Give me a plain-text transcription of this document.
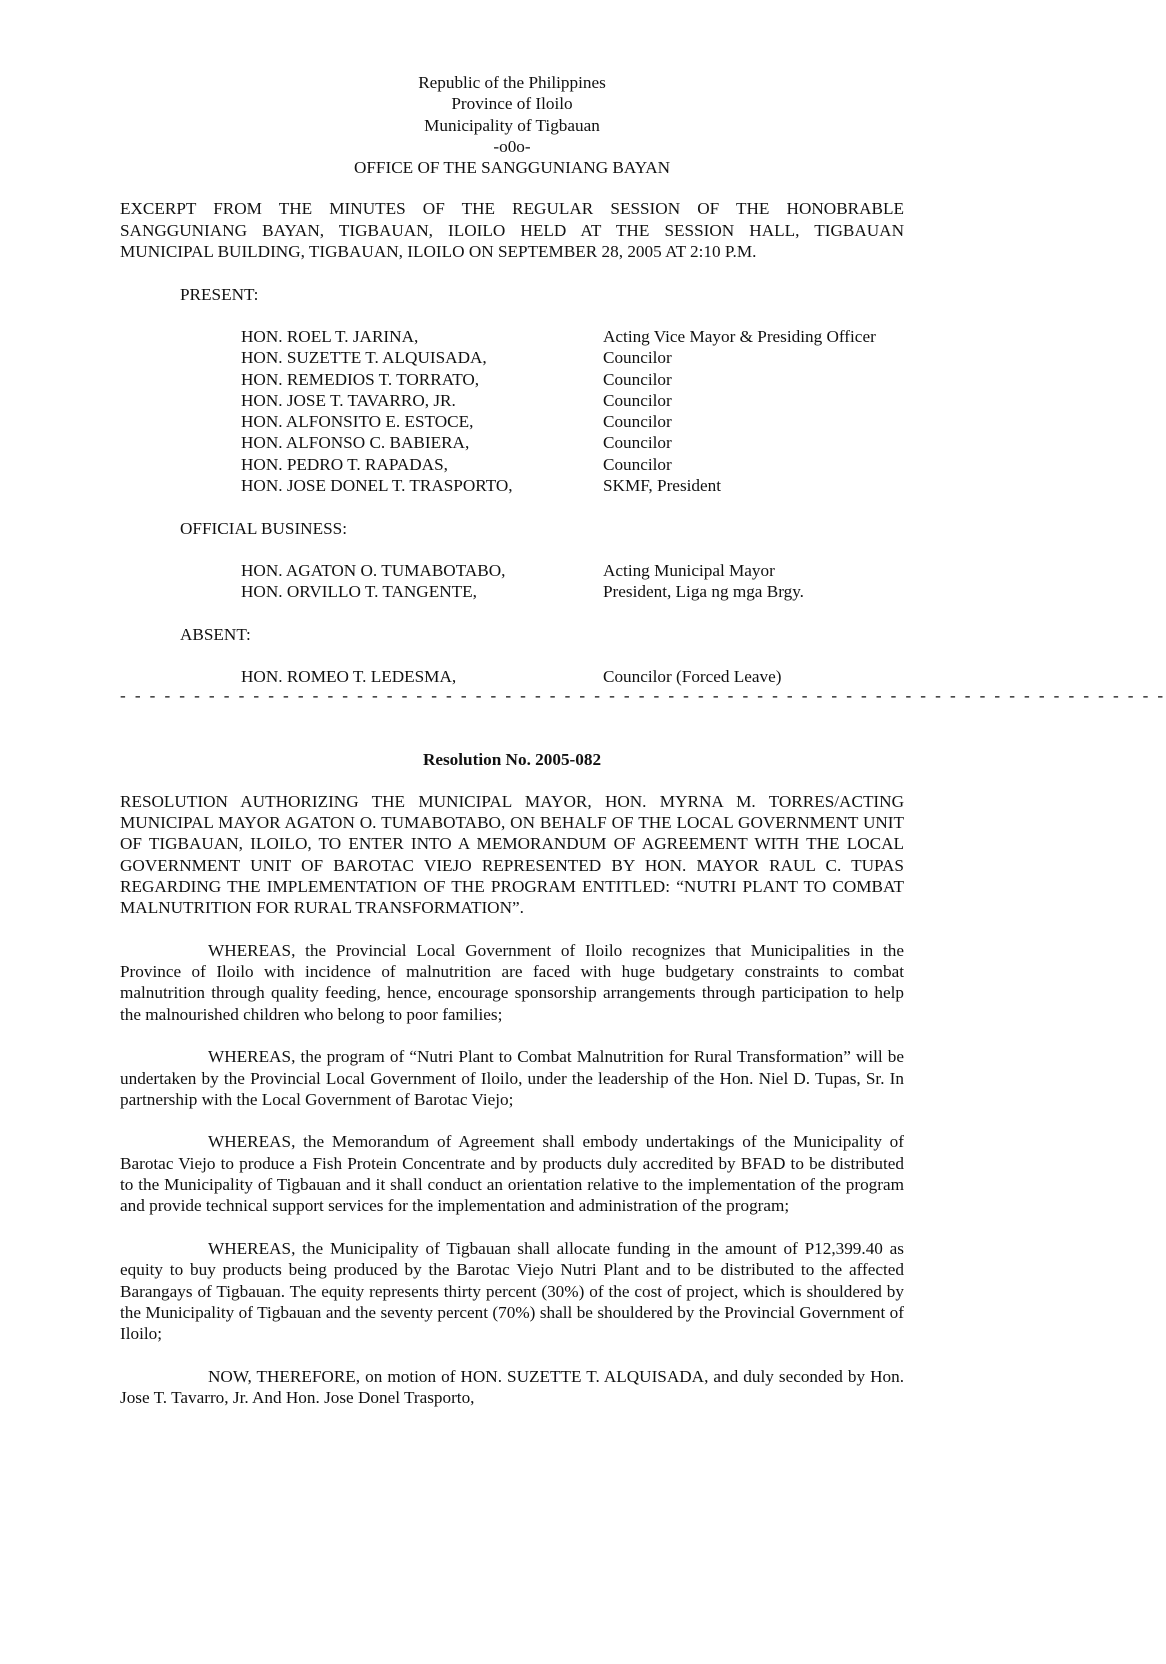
Republic of the Philippines
Province of Iloilo
Municipality of Tigbauan
-o0o-
OFFICE OF THE SANGGUNIANG BAYAN

EXCERPT FROM THE MINUTES OF THE REGULAR SESSION OF THE HONOBRABLE SANGGUNIANG BAYAN, TIGBAUAN, ILOILO HELD AT THE SESSION HALL, TIGBAUAN MUNICIPAL BUILDING, TIGBAUAN, ILOILO ON SEPTEMBER 28, 2005 AT 2:10 P.M.

PRESENT:
HON. ROEL T. JARINA,	Acting Vice Mayor & Presiding Officer
HON. SUZETTE T. ALQUISADA,	Councilor
HON. REMEDIOS T. TORRATO,	Councilor
HON. JOSE T. TAVARRO, JR.	Councilor
HON. ALFONSITO E. ESTOCE,	Councilor
HON. ALFONSO C. BABIERA,	Councilor
HON. PEDRO T. RAPADAS,	Councilor
HON. JOSE DONEL T. TRASPORTO,	SKMF, President
OFFICIAL BUSINESS:
HON. AGATON O. TUMABOTABO,	Acting Municipal Mayor
HON. ORVILLO T. TANGENTE,	President, Liga ng mga Brgy.
ABSENT:
HON. ROMEO T. LEDESMA,	Councilor (Forced Leave)
- - - - - - - - - - - - - - - - - - - - - - - - - - - - - - - - - - - - - - - - - - - - - - - - - - - - - - - - - - - - - - - - - - - - - - -
Resolution No. 2005-082

RESOLUTION AUTHORIZING THE MUNICIPAL MAYOR, HON. MYRNA M. TORRES/ACTING MUNICIPAL MAYOR AGATON O. TUMABOTABO, ON BEHALF OF THE LOCAL GOVERNMENT UNIT OF TIGBAUAN, ILOILO, TO ENTER INTO A MEMORANDUM OF AGREEMENT WITH THE LOCAL GOVERNMENT UNIT OF BAROTAC VIEJO REPRESENTED BY HON. MAYOR RAUL C. TUPAS REGARDING THE IMPLEMENTATION OF THE PROGRAM ENTITLED: “NUTRI PLANT TO COMBAT MALNUTRITION FOR RURAL TRANSFORMATION”.

WHEREAS, the Provincial Local Government of Iloilo recognizes that Municipalities in the Province of Iloilo with incidence of malnutrition are faced with huge budgetary constraints to combat malnutrition through quality feeding, hence, encourage sponsorship arrangements through participation to help the malnourished children who belong to poor families;

WHEREAS, the program of “Nutri Plant to Combat Malnutrition for Rural Transformation” will be undertaken by the Provincial Local Government of Iloilo, under the leadership of the Hon. Niel D. Tupas, Sr. In partnership with the Local Government of Barotac Viejo;

WHEREAS, the Memorandum of Agreement shall embody undertakings of the Municipality of Barotac Viejo to produce a Fish Protein Concentrate and by products duly accredited by BFAD to be distributed to the Municipality of Tigbauan and it shall conduct an orientation relative to the implementation of the program and provide technical support services for the implementation and administration of the program;

WHEREAS, the Municipality of Tigbauan shall allocate funding in the amount of P12,399.40 as equity to buy products being produced by the Barotac Viejo Nutri Plant and to be distributed to the affected Barangays of Tigbauan. The equity represents thirty percent (30%) of the cost of project, which is shouldered by the Municipality of Tigbauan and the seventy percent (70%) shall be shouldered by the Provincial Government of Iloilo;

NOW, THEREFORE, on motion of HON. SUZETTE T. ALQUISADA, and duly seconded by Hon. Jose T. Tavarro, Jr. And Hon. Jose Donel Trasporto,
